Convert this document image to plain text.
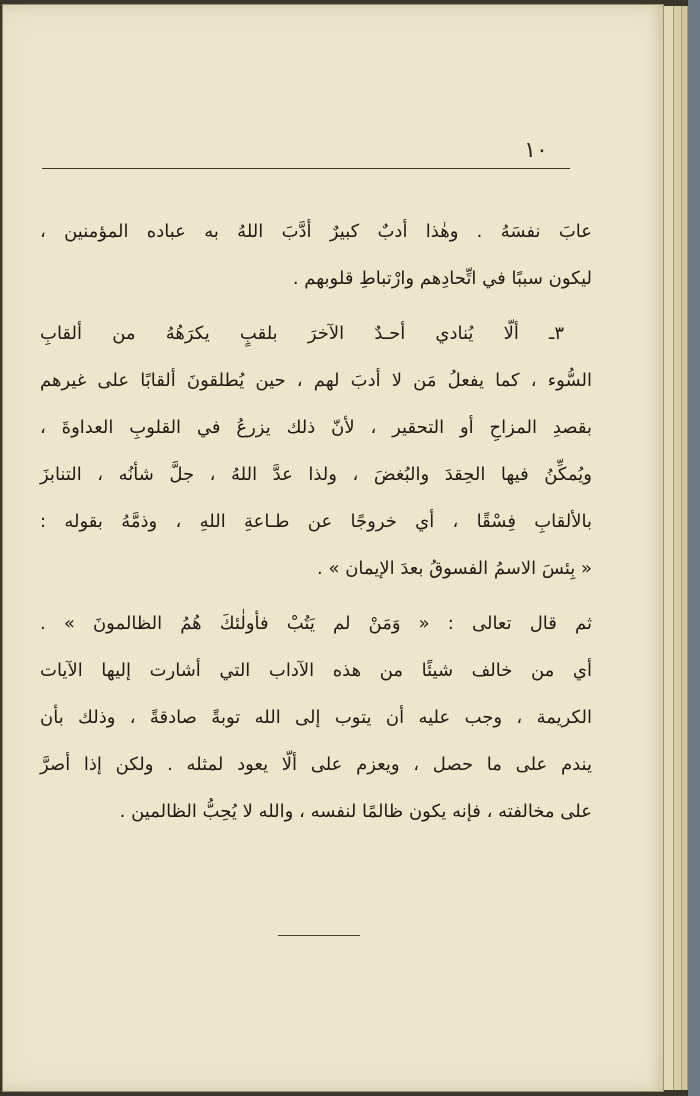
١٠
عابَ نفسَهُ . وهٰذا أدبٌ كبيرٌ أدَّبَ اللهُ به عباده المؤمنين ،
ليكون سببًا في اتِّحادِهم وارْتباطِ قلوبهم .
٣ـ ألّا يُنادي أحـدٌ الآخرَ بلقبٍ يكرَهُهُ من ألقابِ
السُّوء ، كما يفعلُ مَن لا أدبَ لهم ، حين يُطلقونَ ألقابًا على غيرهم
بقصدِ المزاحِ أو التحقير ، لأنّ ذلك يزرعُ في القلوبِ العداوةَ ،
ويُمكِّنُ فيها الحِقدَ والبُغضَ ، ولذا عدَّ اللهُ ، جلَّ شأنُه ، التنابزَ
بالألقابِ فِسْقًا ، أي خروجًا عن طـاعةِ اللهِ ، وذمَّهُ بقوله :
« بِئسَ الاسمُ الفسوقُ بعدَ الإيمان » .
ثم قال تعالى : « وَمَنْ لم يَتُبْ فأولٰئكَ هُمُ الظالمونَ » .
أي من خالف شيئًا من هذه الآداب التي أشارت إليها الآيات
الكريمة ، وجب عليه أن يتوب إلى الله توبةً صادقةً ، وذلك بأن
يندم على ما حصل ، ويعزم على ألّا يعود لمثله . ولكن إذا أصرَّ
على مخالفته ، فإنه يكون ظالمًا لنفسه ، والله لا يُحِبُّ الظالمين .
